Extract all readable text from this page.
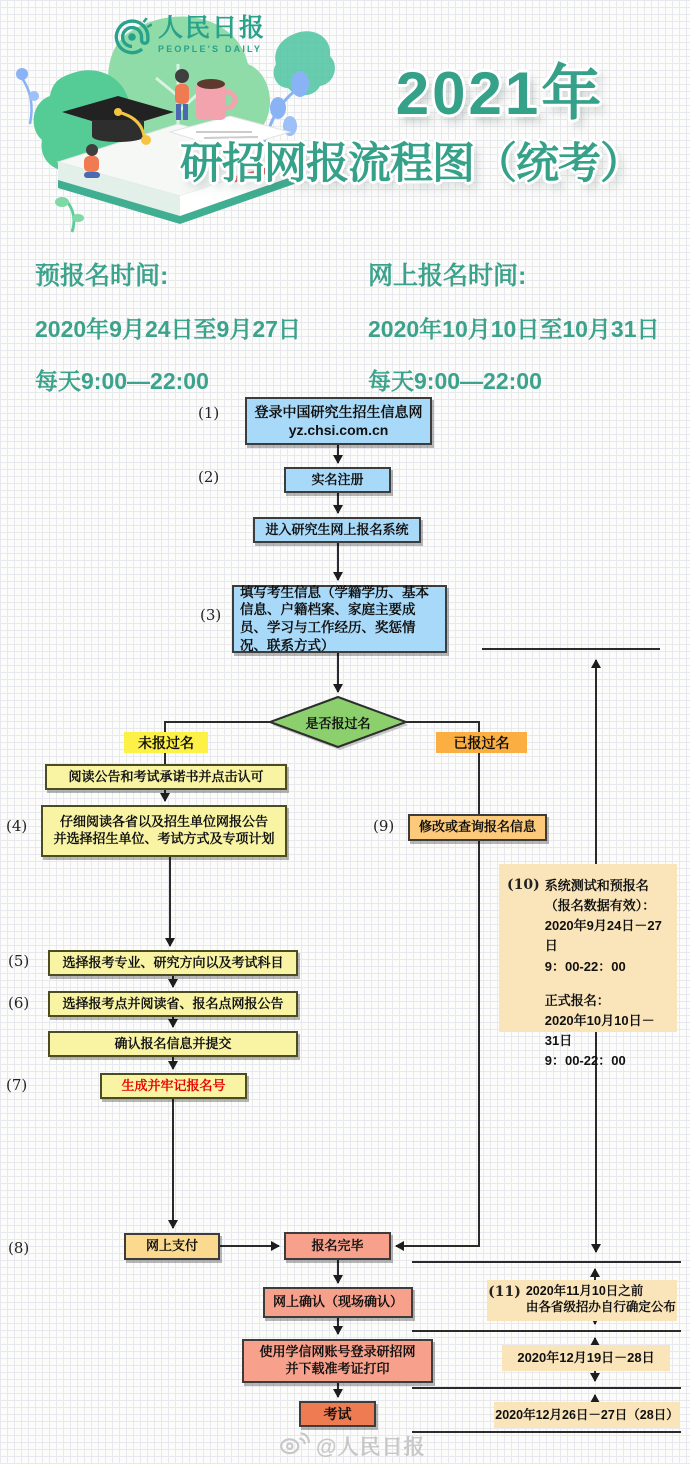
人民日报
PEOPLE'S DAILY
2021年
研招网报流程图（统考）
预报名时间:
2020年9月24日至9月27日
每天9:00—22:00
网上报名时间:
2020年10月10日至10月31日
每天9:00—22:00
(1)
(2)
(3)
(4)
(5)
(6)
(7)
(8)
(9)
登录中国研究生招生信息网
yz.chsi.com.cn
实名注册
进入研究生网上报名系统
填写考生信息（学籍学历、基本信息、户籍档案、家庭主要成员、学习与工作经历、奖惩情况、联系方式）
是否报过名
未报过名	已报过名
阅读公告和考试承诺书并点击认可
仔细阅读各省以及招生单位网报公告
并选择招生单位、考试方式及专项计划
选择报考专业、研究方向以及考试科目
选择报考点并阅读省、报名点网报公告
确认报名信息并提交
生成并牢记报名号
修改或查询报名信息
网上支付	报名完毕
网上确认（现场确认）
使用学信网账号登录研招网
并下载准考证打印
考试
(10) 系统测试和预报名
（报名数据有效）：
2020年9月24日－27日
9：00-22：00
正式报名：
2020年10月10日－31日
9：00-22：00
(11) 2020年11月10日之前
由各省级招办自行确定公布
2020年12月19日－28日
2020年12月26日－27日（28日）
@人民日报
